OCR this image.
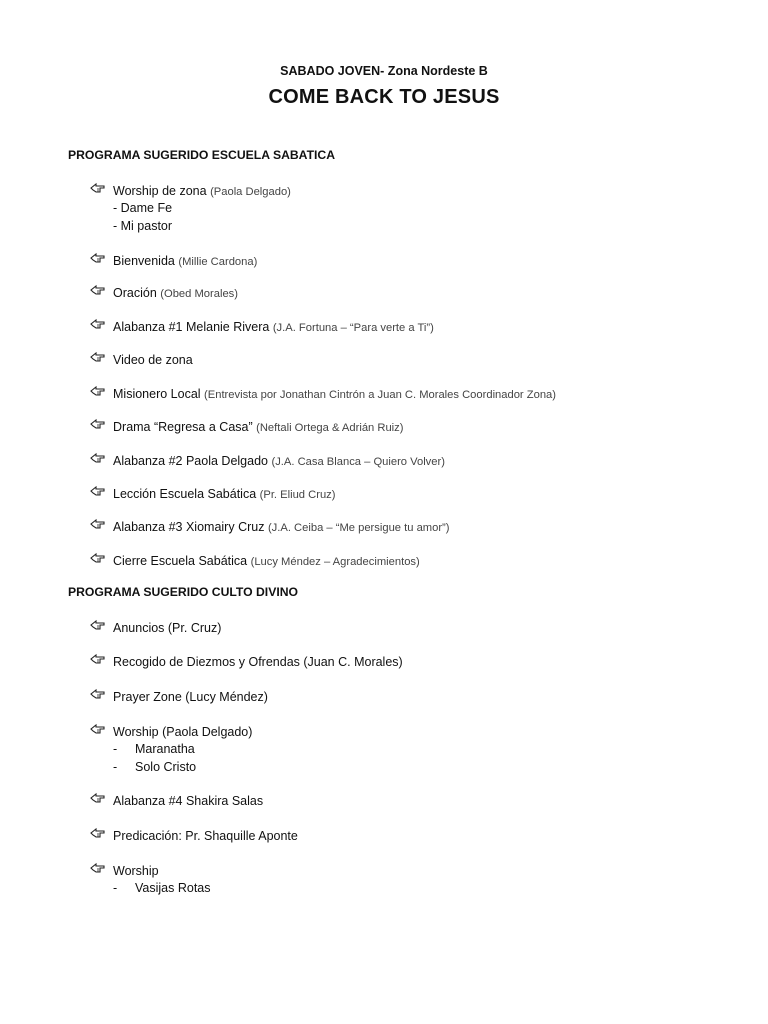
SABADO JOVEN- Zona Nordeste B
COME BACK TO JESUS
PROGRAMA SUGERIDO ESCUELA SABATICA
Worship de zona (Paola Delgado)
- Dame Fe
- Mi pastor
Bienvenida (Millie Cardona)
Oración (Obed Morales)
Alabanza #1 Melanie Rivera (J.A. Fortuna – “Para verte a Ti”)
Video de zona
Misionero Local (Entrevista por Jonathan Cintrón a Juan C. Morales Coordinador Zona)
Drama “Regresa a Casa” (Neftali Ortega & Adrián Ruiz)
Alabanza #2 Paola Delgado (J.A. Casa Blanca – Quiero Volver)
Lección Escuela Sabática (Pr. Eliud Cruz)
Alabanza #3 Xiomairy Cruz (J.A. Ceiba – “Me persigue tu amor”)
Cierre Escuela Sabática (Lucy Méndez – Agradecimientos)
PROGRAMA SUGERIDO CULTO DIVINO
Anuncios (Pr. Cruz)
Recogido de Diezmos y Ofrendas (Juan C. Morales)
Prayer Zone (Lucy Méndez)
Worship (Paola Delgado)
- Maranatha
- Solo Cristo
Alabanza #4 Shakira Salas
Predicación: Pr. Shaquille Aponte
Worship
- Vasijas Rotas
